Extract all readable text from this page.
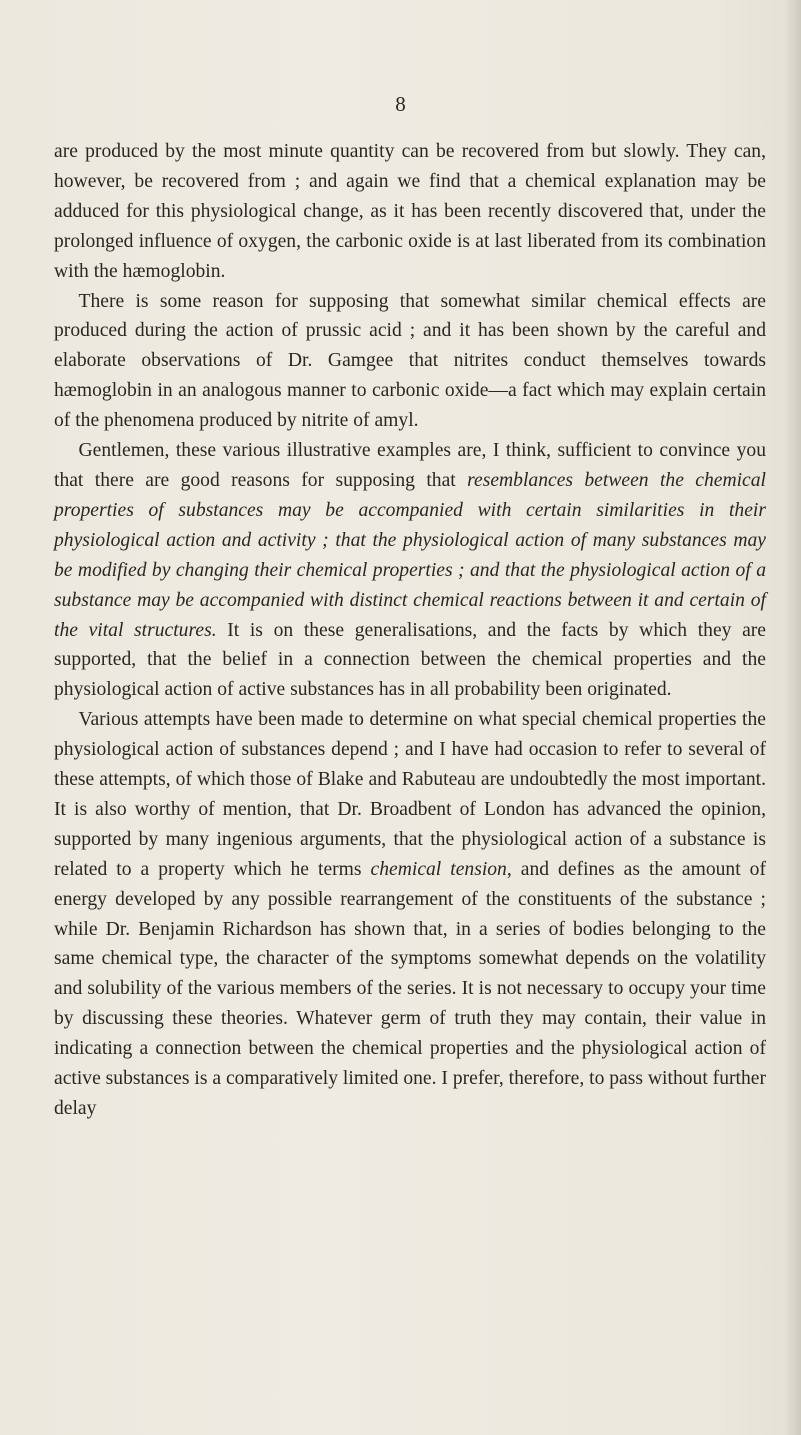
8

are produced by the most minute quantity can be recovered from but slowly. They can, however, be recovered from ; and again we find that a chemical explanation may be adduced for this physiological change, as it has been recently discovered that, under the prolonged influence of oxygen, the carbonic oxide is at last liberated from its combination with the hæmoglobin.

There is some reason for supposing that somewhat similar chemical effects are produced during the action of prussic acid ; and it has been shown by the careful and elaborate observations of Dr. Gamgee that nitrites conduct themselves towards hæmoglobin in an analogous manner to carbonic oxide—a fact which may explain certain of the phenomena produced by nitrite of amyl.

Gentlemen, these various illustrative examples are, I think, sufficient to convince you that there are good reasons for supposing that resemblances between the chemical properties of substances may be accompanied with certain similarities in their physiological action and activity ; that the physiological action of many substances may be modified by changing their chemical properties ; and that the physiological action of a substance may be accompanied with distinct chemical reactions between it and certain of the vital structures. It is on these generalisations, and the facts by which they are supported, that the belief in a connection between the chemical properties and the physiological action of active substances has in all probability been originated.

Various attempts have been made to determine on what special chemical properties the physiological action of substances depend ; and I have had occasion to refer to several of these attempts, of which those of Blake and Rabuteau are undoubtedly the most important. It is also worthy of mention, that Dr. Broadbent of London has advanced the opinion, supported by many ingenious arguments, that the physiological action of a substance is related to a property which he terms chemical tension, and defines as the amount of energy developed by any possible rearrangement of the constituents of the substance ; while Dr. Benjamin Richardson has shown that, in a series of bodies belonging to the same chemical type, the character of the symptoms somewhat depends on the volatility and solubility of the various members of the series. It is not necessary to occupy your time by discussing these theories. Whatever germ of truth they may contain, their value in indicating a connection between the chemical properties and the physiological action of active substances is a comparatively limited one. I prefer, therefore, to pass without further delay
